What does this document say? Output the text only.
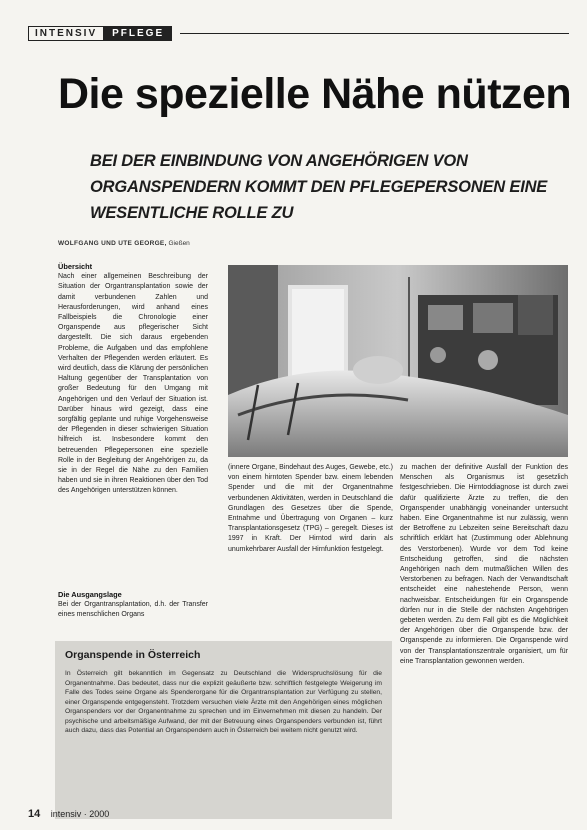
INTENSIV	PFLEGE
Die spezielle Nähe nützen
BEI DER EINBINDUNG VON ANGEHÖRIGEN VON ORGANSPENDERN KOMMT DEN PFLEGEPERSONEN EINE WESENTLICHE ROLLE ZU
WOLFGANG UND UTE GEORGE, Gießen
Übersicht

Nach einer allgemeinen Beschreibung der Situation der Organtransplantation sowie der damit verbundenen Zahlen und Herausforderungen, wird anhand eines Fallbeispiels die Chronologie einer Organspende aus pflegerischer Sicht dargestellt. Die sich daraus ergebenden Probleme, die Aufgaben und das empfohlene Verhalten der Pflegenden werden erläutert. Es wird deutlich, dass die Klärung der persönlichen Haltung gegenüber der Transplantation von großer Bedeutung für den Umgang mit Angehörigen und den Verlauf der Situation ist. Darüber hinaus wird gezeigt, dass eine sorgfältig geplante und ruhige Vorgehensweise der Pflegenden in dieser schwierigen Situation hilfreich ist. Insbesondere kommt den betreuenden Pflegepersonen eine spezielle Rolle in der Begleitung der Angehörigen zu, da sie in der Regel die Nähe zu den Familien haben und sie in ihren Reaktionen über den Tod des Angehörigen unterstützen können.

Die Ausgangslage

Bei der Organtransplantation, d.h. der Transfer eines menschlichen Organs

(innere Organe, Bindehaut des Auges, Gewebe, etc.) von einem hirntoten Spender bzw. einem lebenden Spender und die mit der Organentnahme verbundenen Aktivitäten, werden in Deutschland die Grundlagen des Gesetzes über die Spende, Entnahme und Übertragung von Organen – kurz Transplantationsgesetz (TPG) – geregelt. Dieses ist 1997 in Kraft. Der Hirntod wird darin als unumkehrbarer Ausfall der Hirnfunktion festgelegt.

zu machen der definitive Ausfall der Funktion des Menschen als Organismus ist gesetzlich festgeschrieben. Die Hirntoddiagnose ist durch zwei dafür qualifizierte Ärzte zu treffen, die den Organspender unabhängig voneinander untersucht haben. Eine Organentnahme ist nur zulässig, wenn der Betroffene zu Lebzeiten seine Bereitschaft dazu schriftlich erklärt hat (Zustimmung oder Ablehnung des Verstorbenen). Wurde vor dem Tod keine Entscheidung getroffen, sind die nächsten Angehörigen nach dem mutmaßlichen Willen des Verstorbenen zu befragen. Nach der Verwandtschaft entscheidet eine nahestehende Person, wenn nachweisbar. Entscheidungen für ein Organspende dürfen nur in die Stelle der nächsten Angehörigen gebeten werden. Zu dem Fall gibt es die Möglichkeit der Angehörigen über die Organspende bzw. der Organspende zu informieren. Die Organspende wird von der Transplantationszentrale organisiert, um für eine Transplantation gewonnen werden.

Organspende in Österreich
In Österreich gilt bekanntlich im Gegensatz zu Deutschland die Widerspruchslösung für die Organentnahme. Das bedeutet, dass nur die explizit geäußerte bzw. schriftlich festgelegte Weigerung im Falle des Todes seine Organe als Spenderorgane für die Organtransplantation zur Verfügung zu stellen, einer Organspende entgegensteht. Trotzdem versuchen viele Ärzte mit den Angehörigen eines möglichen Organspenders vor der Organentnahme zu sprechen und im Einvernehmen mit diesen zu handeln. Der psychische und arbeitsmäßige Aufwand, der mit der Betreuung eines Organspenders verbunden ist, führt auch dazu, dass das Potential an Organspendern auch in Österreich bei weitem nicht genutzt wird.
14 intensiv · 2000
